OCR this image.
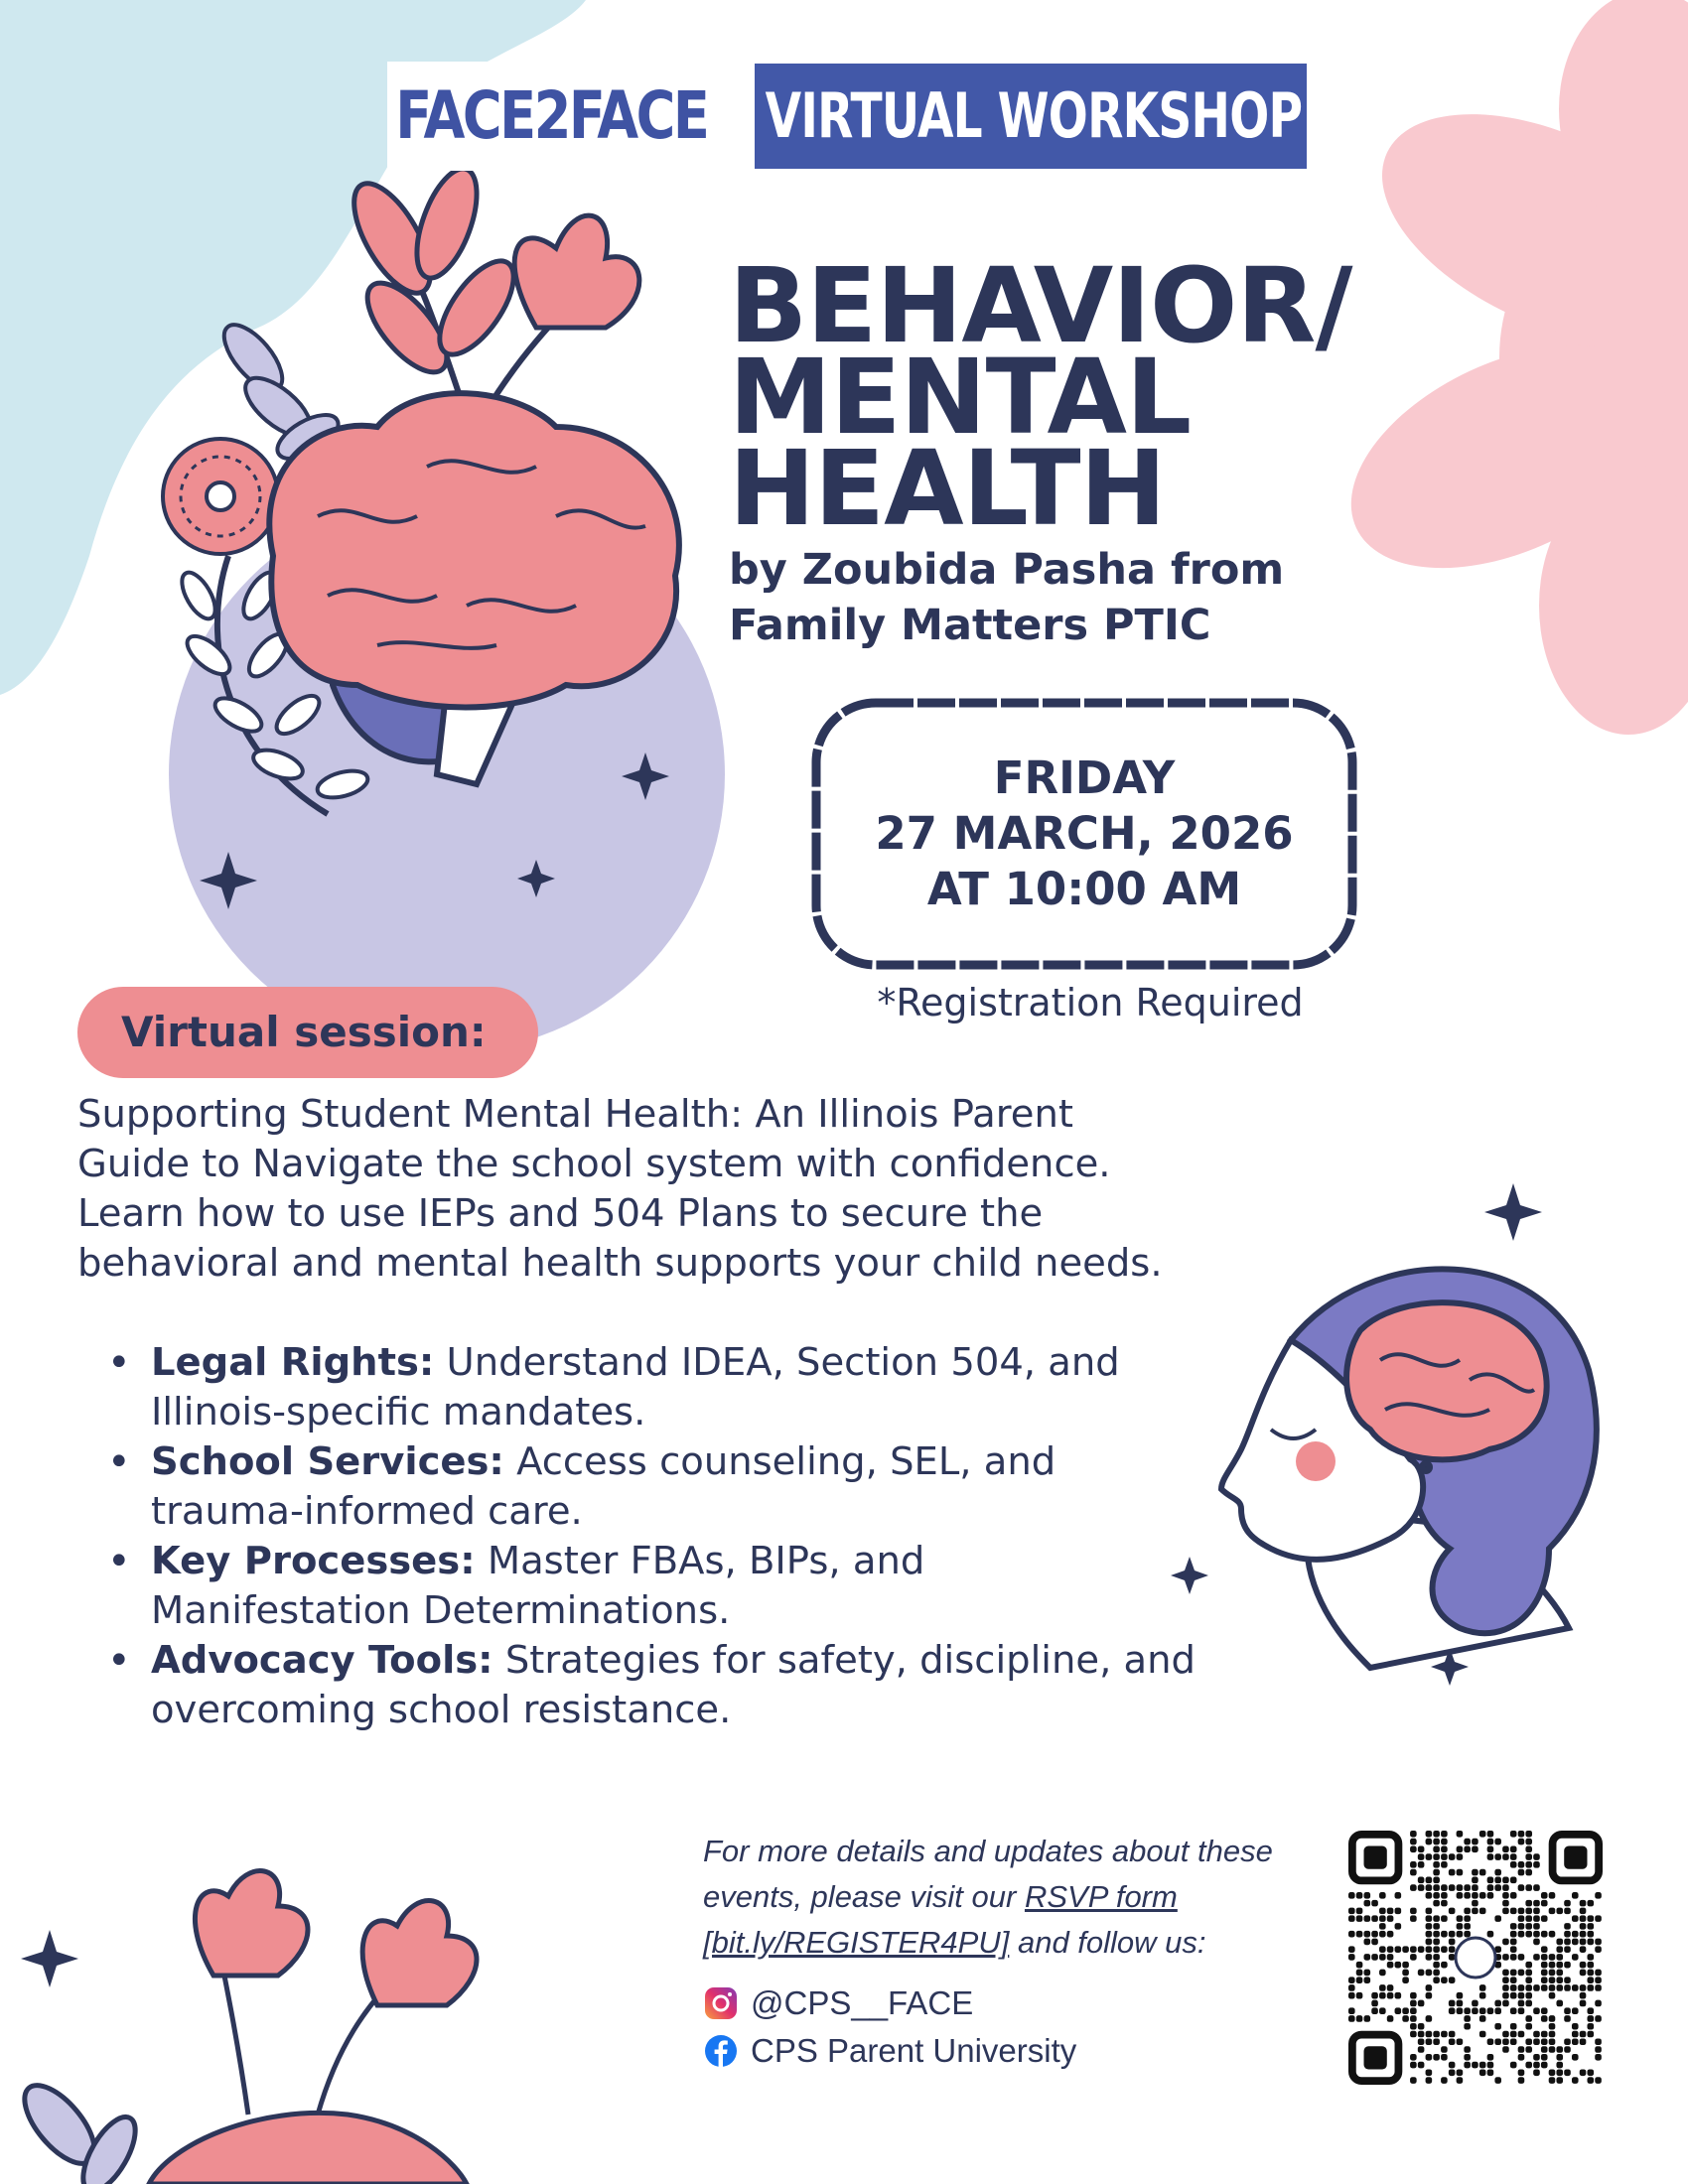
FACE2FACE VIRTUAL WORKSHOP
BEHAVIOR/
MENTAL
HEALTH
by Zoubida Pasha from
Family Matters PTIC
FRIDAY
27 MARCH, 2026
AT 10:00 AM
*Registration Required
Virtual session:
Supporting Student Mental Health: An Illinois Parent Guide to Navigate the school system with confidence. Learn how to use IEPs and 504 Plans to secure the behavioral and mental health supports your child needs.
• Legal Rights: Understand IDEA, Section 504, and Illinois-specific mandates.
• School Services: Access counseling, SEL, and trauma-informed care.
• Key Processes: Master FBAs, BIPs, and Manifestation Determinations.
• Advocacy Tools: Strategies for safety, discipline, and overcoming school resistance.
For more details and updates about these events, please visit our RSVP form
[bit.ly/REGISTER4PU] and follow us:
@CPS__FACE
CPS Parent University
